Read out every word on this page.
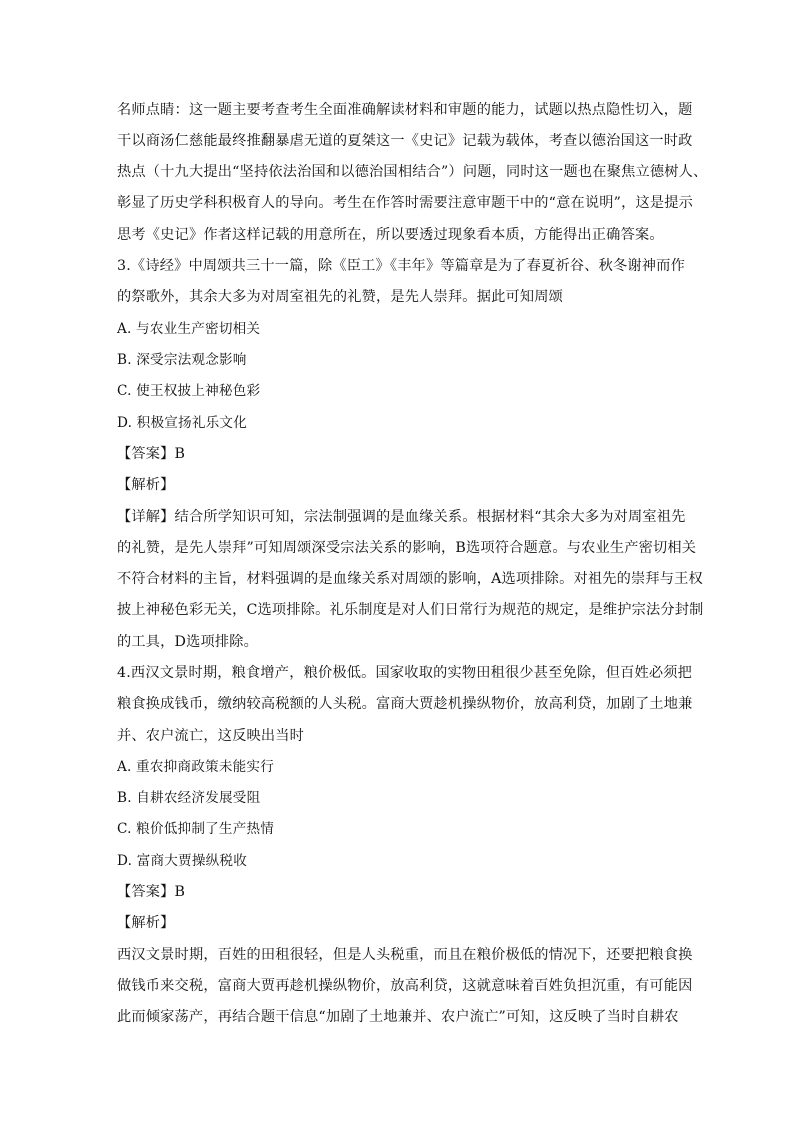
名师点睛：这一题主要考查考生全面准确解读材料和审题的能力，试题以热点隐性切入，题
干以商汤仁慈能最终推翻暴虐无道的夏桀这一《史记》记载为载体，考查以德治国这一时政
热点（十九大提出“坚持依法治国和以德治国相结合”）问题，同时这一题也在聚焦立德树人、
彰显了历史学科积极育人的导向。考生在作答时需要注意审题干中的“意在说明”，这是提示
思考《史记》作者这样记载的用意所在，所以要透过现象看本质，方能得出正确答案。
3.《诗经》中周颂共三十一篇，除《臣工》《丰年》等篇章是为了春夏祈谷、秋冬谢神而作
的祭歌外，其余大多为对周室祖先的礼赞，是先人崇拜。据此可知周颂
A. 与农业生产密切相关
B. 深受宗法观念影响
C. 使王权披上神秘色彩
D. 积极宣扬礼乐文化
【答案】B
【解析】
【详解】结合所学知识可知，宗法制强调的是血缘关系。根据材料“其余大多为对周室祖先
的礼赞，是先人崇拜”可知周颂深受宗法关系的影响，B选项符合题意。与农业生产密切相关
不符合材料的主旨，材料强调的是血缘关系对周颂的影响，A选项排除。对祖先的崇拜与王权
披上神秘色彩无关，C选项排除。礼乐制度是对人们日常行为规范的规定，是维护宗法分封制
的工具，D选项排除。
4.西汉文景时期，粮食增产，粮价极低。国家收取的实物田租很少甚至免除，但百姓必须把
粮食换成钱币，缴纳较高税额的人头税。富商大贾趁机操纵物价，放高利贷，加剧了土地兼
并、农户流亡，这反映出当时
A. 重农抑商政策未能实行
B. 自耕农经济发展受阻
C. 粮价低抑制了生产热情
D. 富商大贾操纵税收
【答案】B
【解析】
西汉文景时期，百姓的田租很轻，但是人头税重，而且在粮价极低的情况下，还要把粮食换
做钱币来交税，富商大贾再趁机操纵物价，放高利贷，这就意味着百姓负担沉重，有可能因
此而倾家荡产，再结合题干信息“加剧了土地兼并、农户流亡”可知，这反映了当时自耕农
